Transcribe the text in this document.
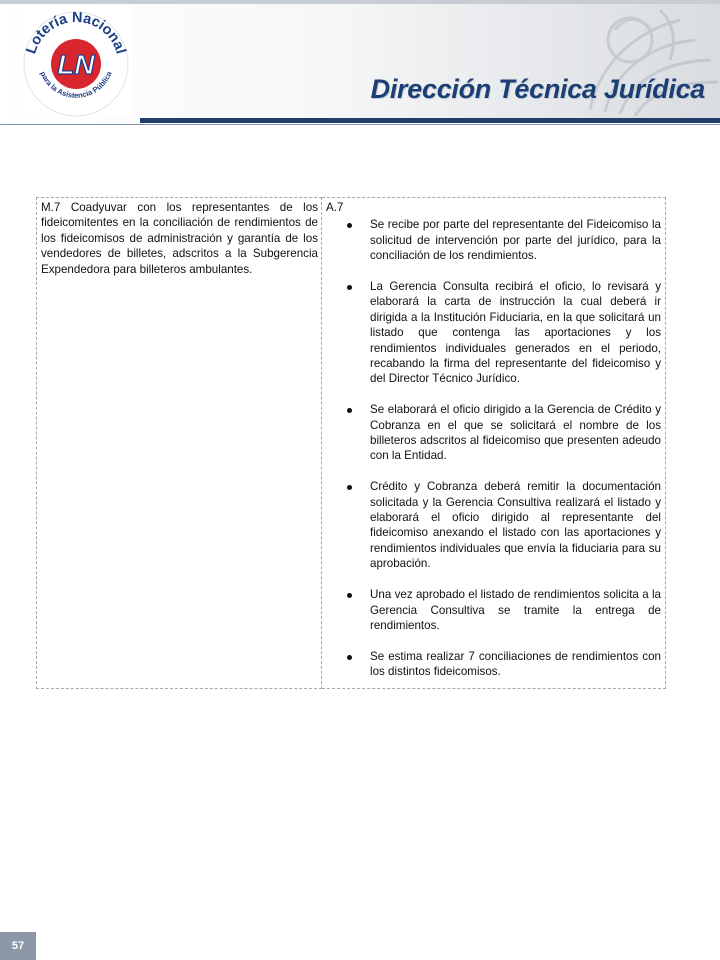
Lotería Nacional
para la Asistencia Pública
LN
Dirección Técnica Jurídica
M.7 Coadyuvar con los representantes de los fideicomitentes en la conciliación de rendimientos de los fideicomisos de administración y garantía de los vendedores de billetes, adscritos a la Subgerencia Expendedora para billeteros ambulantes.	
A.7
Se recibe por parte del representante del Fideicomiso la solicitud de intervención por parte del jurídico, para la conciliación de los rendimientos.
La Gerencia Consulta recibirá el oficio, lo revisará y elaborará la carta de instrucción la cual deberá ir dirigida a la Institución Fiduciaria, en la que solicitará un listado que contenga las aportaciones y los rendimientos individuales generados en el periodo, recabando la firma del representante del fideicomiso y del Director Técnico Jurídico.
Se elaborará el oficio dirigido a la Gerencia de Crédito y Cobranza en el que se solicitará el nombre de los billeteros adscritos al fideicomiso que presenten adeudo con la Entidad.
Crédito y Cobranza deberá remitir la documentación solicitada y la Gerencia Consultiva realizará el listado y elaborará el oficio dirigido al representante del fideicomiso anexando el listado con las aportaciones y rendimientos individuales que envía la fiduciaria para su aprobación.
Una vez aprobado el listado de rendimientos solicita a la Gerencia Consultiva se tramite la entrega de rendimientos.
Se estima realizar 7 conciliaciones de rendimientos con los distintos fideicomisos.
57
